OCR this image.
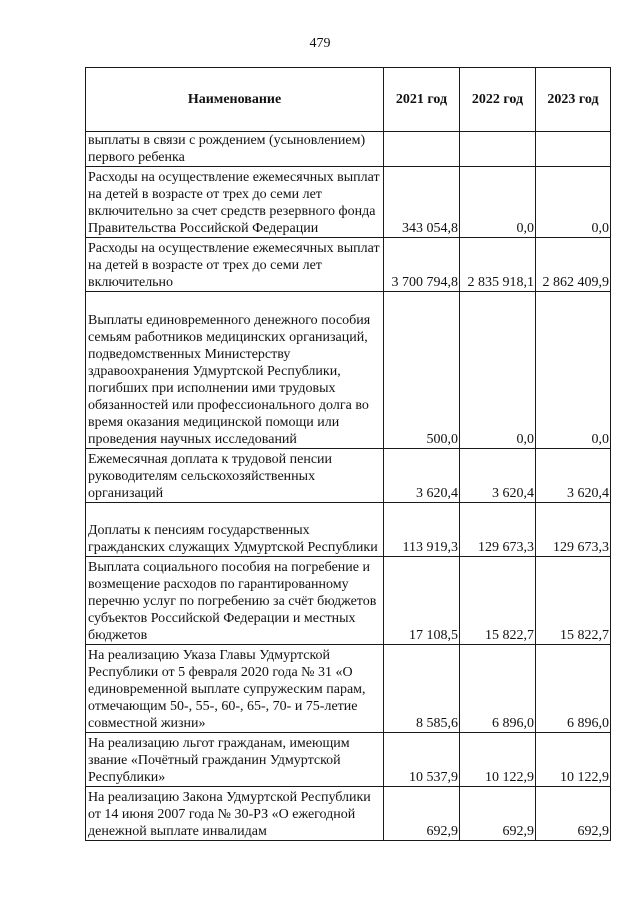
479
Наименование	2021 год	2022 год	2023 год
выплаты в связи с рождением (усыновлением) первого ребенка			
Расходы на осуществление ежемесячных выплат на детей в возрасте от трех до семи лет включительно за счет средств резервного фонда Правительства Российской Федерации	343 054,8	0,0	0,0
Расходы на осуществление ежемесячных выплат на детей в возрасте от трех до семи лет включительно	3 700 794,8	2 835 918,1	2 862 409,9
Выплаты единовременного денежного пособия семьям работников медицинских организаций, подведомственных Министерству здравоохранения Удмуртской Республики, погибших при исполнении ими трудовых обязанностей или профессионального долга во время оказания медицинской помощи или проведения научных исследований	500,0	0,0	0,0
Ежемесячная доплата к трудовой пенсии руководителям сельскохозяйственных организаций	3 620,4	3 620,4	3 620,4
Доплаты к пенсиям государственных гражданских служащих Удмуртской Республики	113 919,3	129 673,3	129 673,3
Выплата социального пособия на погребение и возмещение расходов по гарантированному перечню услуг по погребению за счёт бюджетов субъектов Российской Федерации и местных бюджетов	17 108,5	15 822,7	15 822,7
На реализацию Указа Главы Удмуртской Республики от 5 февраля 2020 года № 31 «О единовременной выплате супружеским парам, отмечающим 50-, 55-, 60-, 65-, 70- и 75-летие совместной жизни»	8 585,6	6 896,0	6 896,0
На реализацию льгот гражданам, имеющим звание «Почётный гражданин Удмуртской Республики»	10 537,9	10 122,9	10 122,9
На реализацию Закона Удмуртской Республики от 14 июня 2007 года № 30-РЗ «О ежегодной денежной выплате инвалидам	692,9	692,9	692,9
